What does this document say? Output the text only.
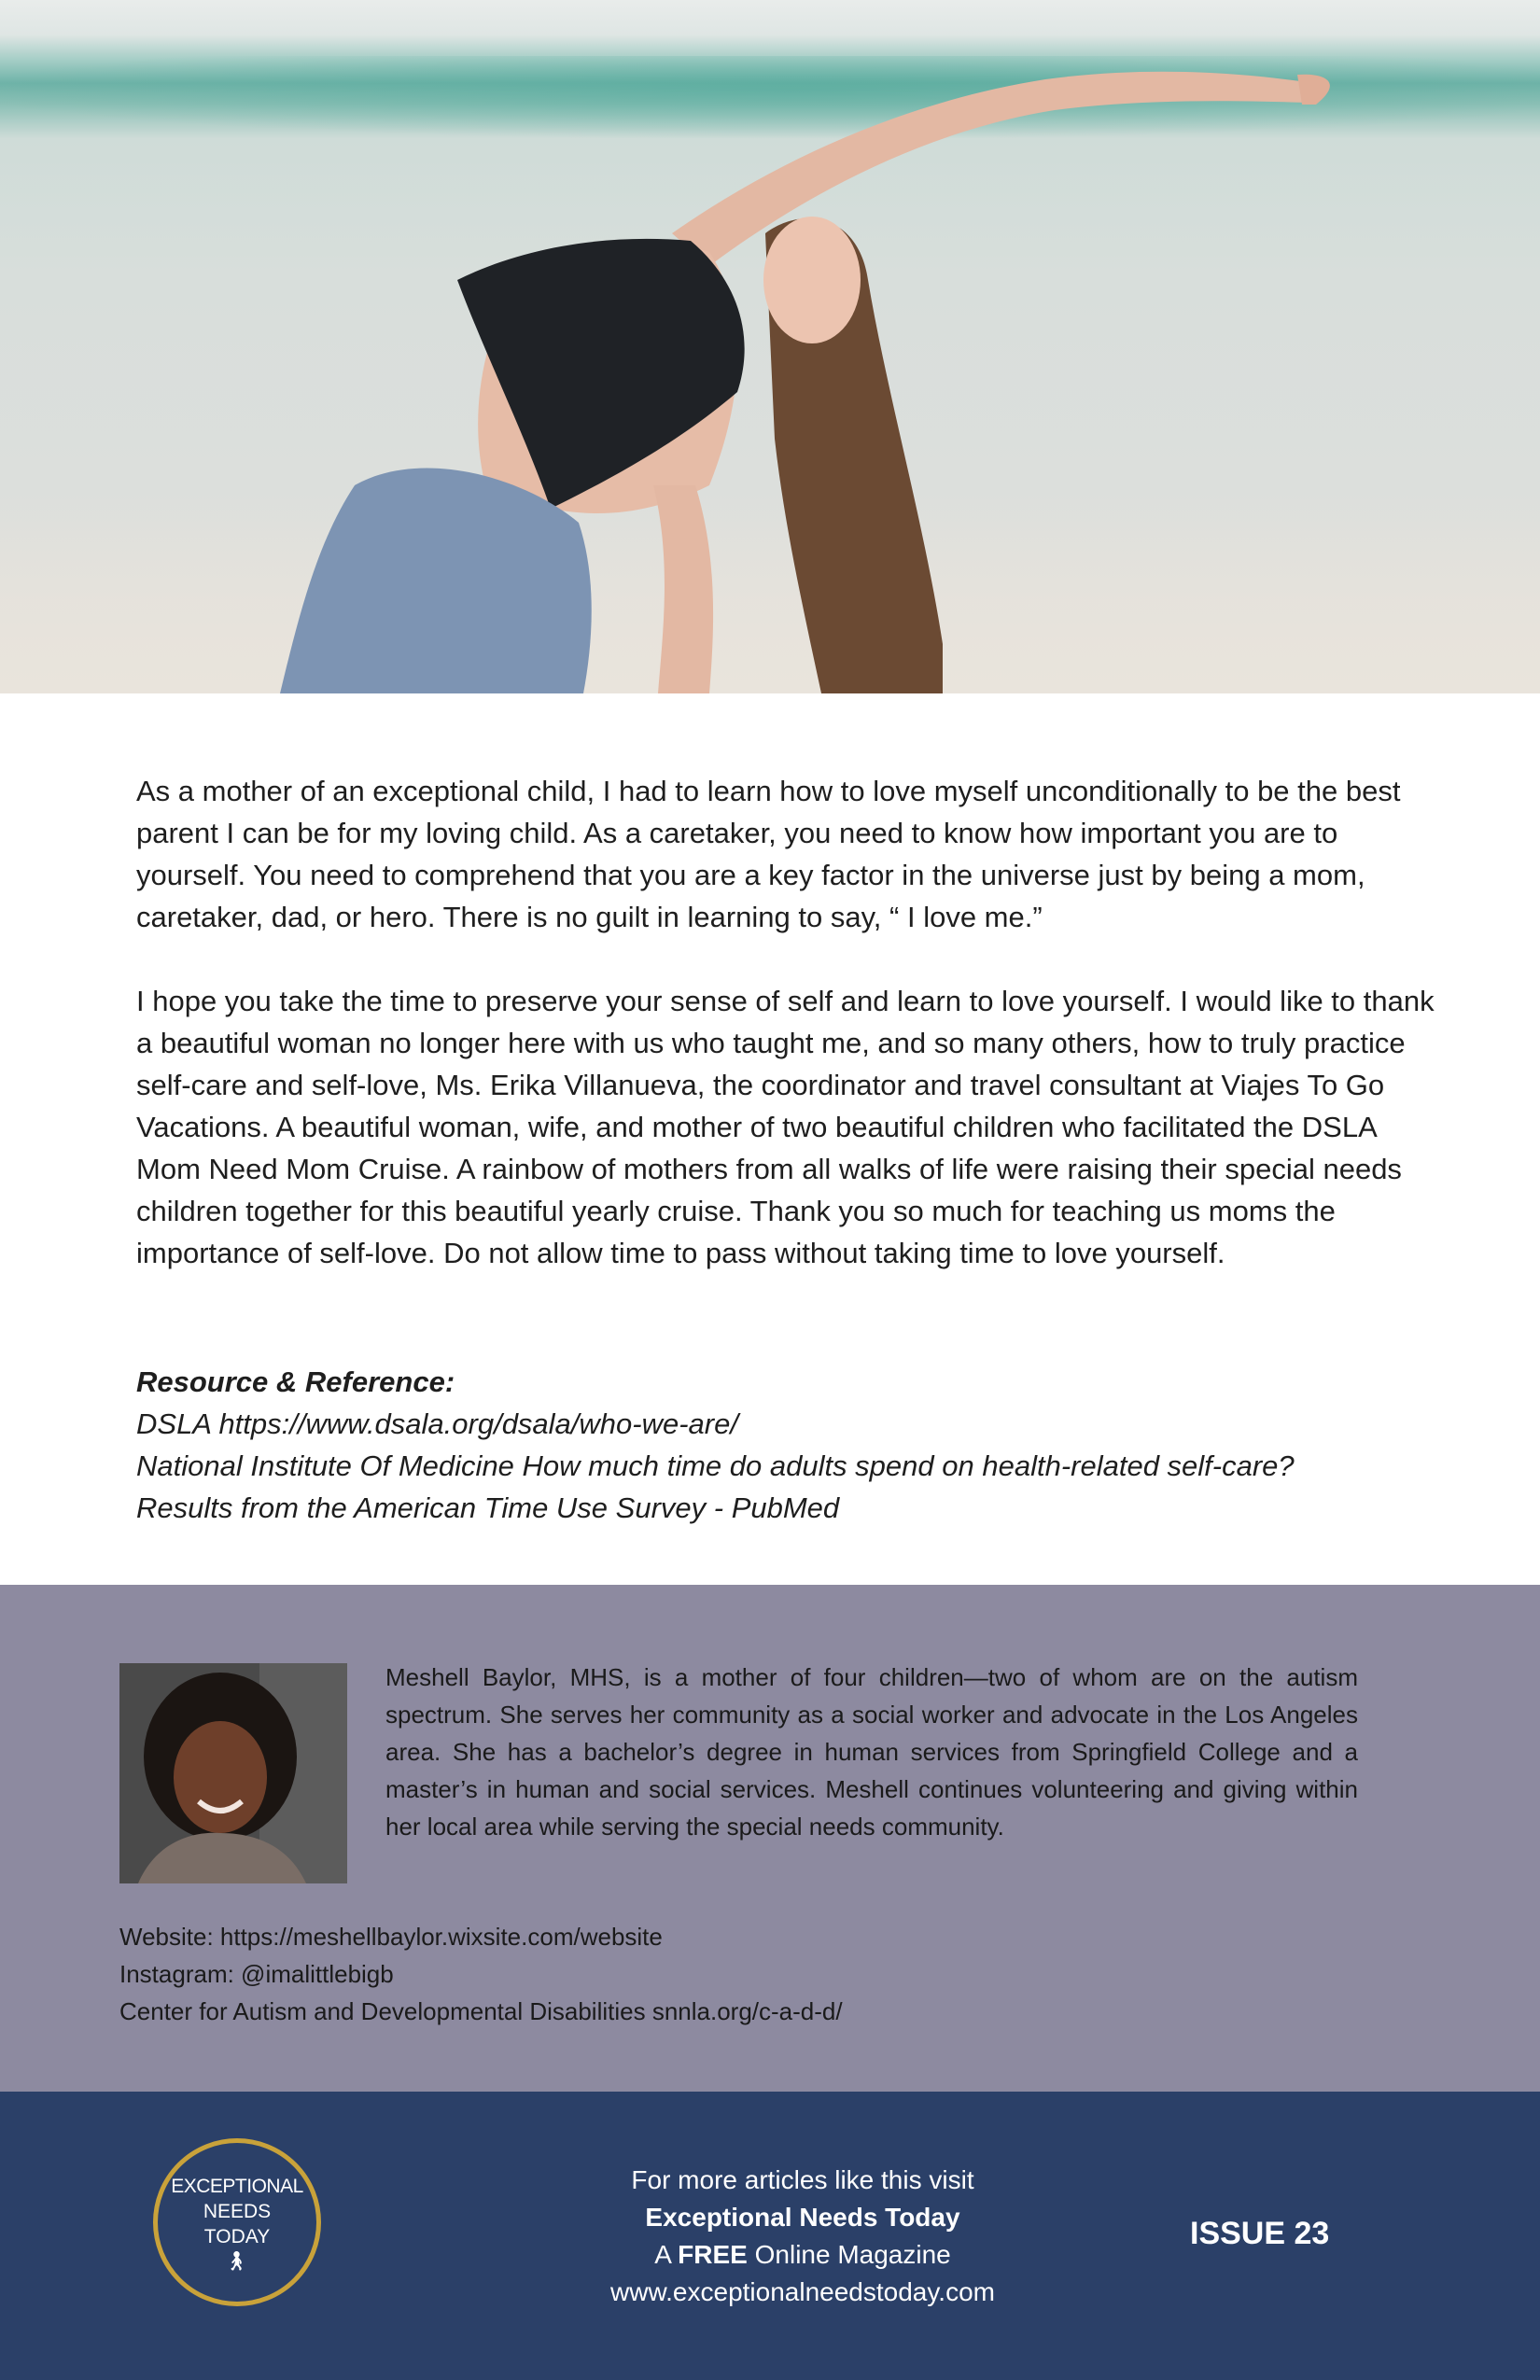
As a mother of an exceptional child, I had to learn how to love myself unconditionally to be the best parent I can be for my loving child. As a caretaker, you need to know how important you are to yourself. You need to comprehend that you are a key factor in the universe just by being a mom, caretaker, dad, or hero. There is no guilt in learning to say, “ I love me.”

I hope you take the time to preserve your sense of self and learn to love yourself. I would like to thank a beautiful woman no longer here with us who taught me, and so many others, how to truly practice self-care and self-love, Ms. Erika Villanueva, the coordinator and travel consultant at Viajes To Go Vacations. A beautiful woman, wife, and mother of two beautiful children who facilitated the DSLA Mom Need Mom Cruise. A rainbow of mothers from all walks of life were raising their special needs children together for this beautiful yearly cruise. Thank you so much for teaching us moms the importance of self-love. Do not allow time to pass without taking time to love yourself.

Resource & Reference:
DSLA https://www.dsala.org/dsala/who-we-are/
National Institute Of Medicine How much time do adults spend on health-related self-care?
Results from the American Time Use Survey - PubMed
Meshell Baylor, MHS, is a mother of four children—two of whom are on the autism spectrum. She serves her community as a social worker and advocate in the Los Angeles area. She has a bachelor’s degree in human services from Springfield College and a master’s in human and social services. Meshell continues volunteering and giving within her local area while serving the special needs community.
Website: https://meshellbaylor.wixsite.com/website
Instagram: @imalittlebigb
Center for Autism and Developmental Disabilities snnla.org/c-a-d-d/
EXCEPTIONAL
NEEDS
TODAY
🚶︎
For more articles like this visit
Exceptional Needs Today
A FREE Online Magazine
www.exceptionalneedstoday.com
ISSUE 23
